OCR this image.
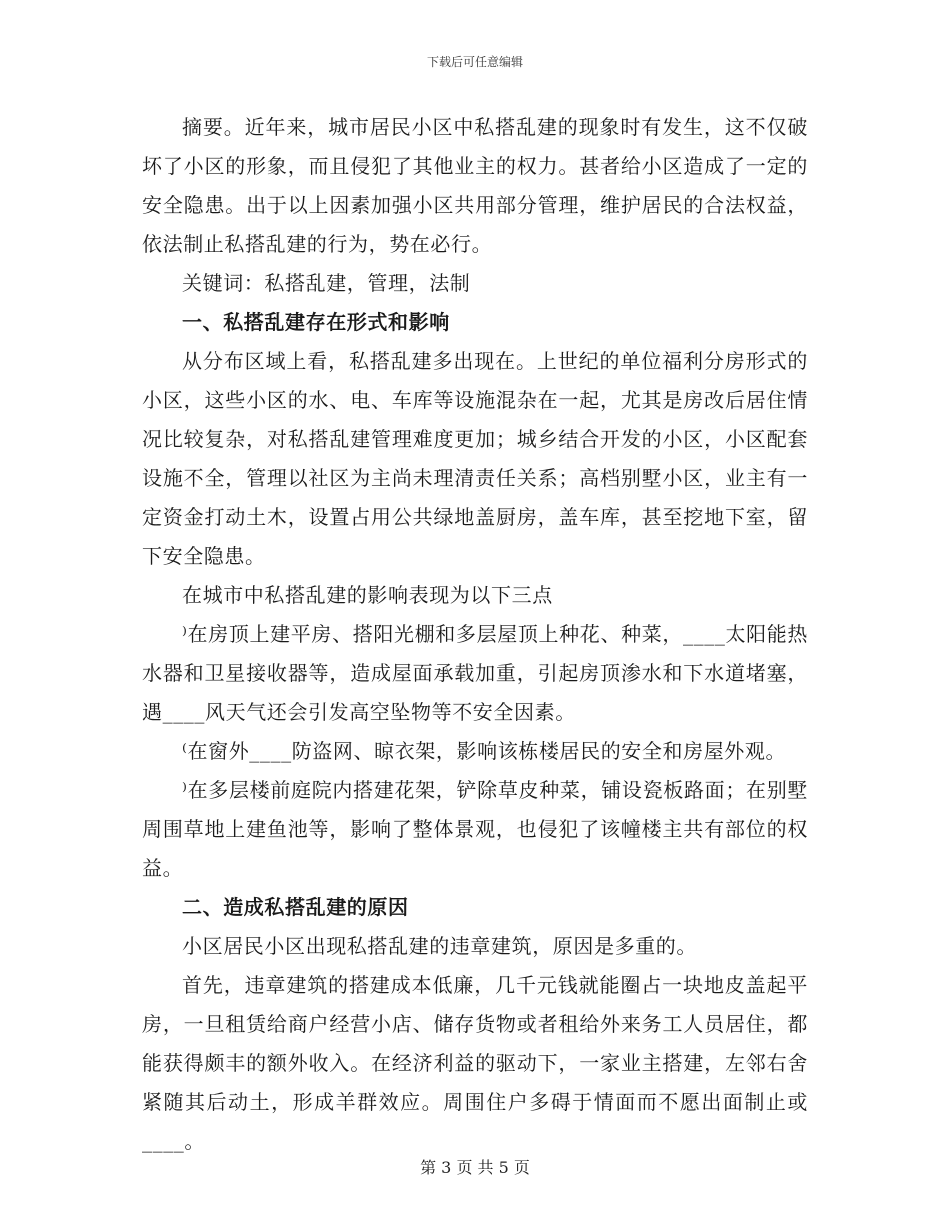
下载后可任意编辑

摘要。近年来，城市居民小区中私搭乱建的现象时有发生，这不仅破坏了小区的形象，而且侵犯了其他业主的权力。甚者给小区造成了一定的安全隐患。出于以上因素加强小区共用部分管理，维护居民的合法权益，依法制止私搭乱建的行为，势在必行。

关键词：私搭乱建，管理，法制

一、私搭乱建存在形式和影响

从分布区域上看，私搭乱建多出现在。上世纪的单位福利分房形式的小区，这些小区的水、电、车库等设施混杂在一起，尤其是房改后居住情况比较复杂，对私搭乱建管理难度更加；城乡结合开发的小区，小区配套设施不全，管理以社区为主尚未理清责任关系；高档别墅小区，业主有一定资金打动土木，设置占用公共绿地盖厨房，盖车库，甚至挖地下室，留下安全隐患。

在城市中私搭乱建的影响表现为以下三点

⁾在房顶上建平房、搭阳光棚和多层屋顶上种花、种菜，____太阳能热水器和卫星接收器等，造成屋面承载加重，引起房顶渗水和下水道堵塞，遇____风天气还会引发高空坠物等不安全因素。

⁽在窗外____防盗网、晾衣架，影响该栋楼居民的安全和房屋外观。

⁾在多层楼前庭院内搭建花架，铲除草皮种菜，铺设瓷板路面；在别墅周围草地上建鱼池等，影响了整体景观，也侵犯了该幢楼主共有部位的权益。

二、造成私搭乱建的原因

小区居民小区出现私搭乱建的违章建筑，原因是多重的。

首先，违章建筑的搭建成本低廉，几千元钱就能圈占一块地皮盖起平房，一旦租赁给商户经营小店、储存货物或者租给外来务工人员居住，都能获得颇丰的额外收入。在经济利益的驱动下，一家业主搭建，左邻右舍紧随其后动土，形成羊群效应。周围住户多碍于情面而不愿出面制止或____。

第 3 页 共 5 页
